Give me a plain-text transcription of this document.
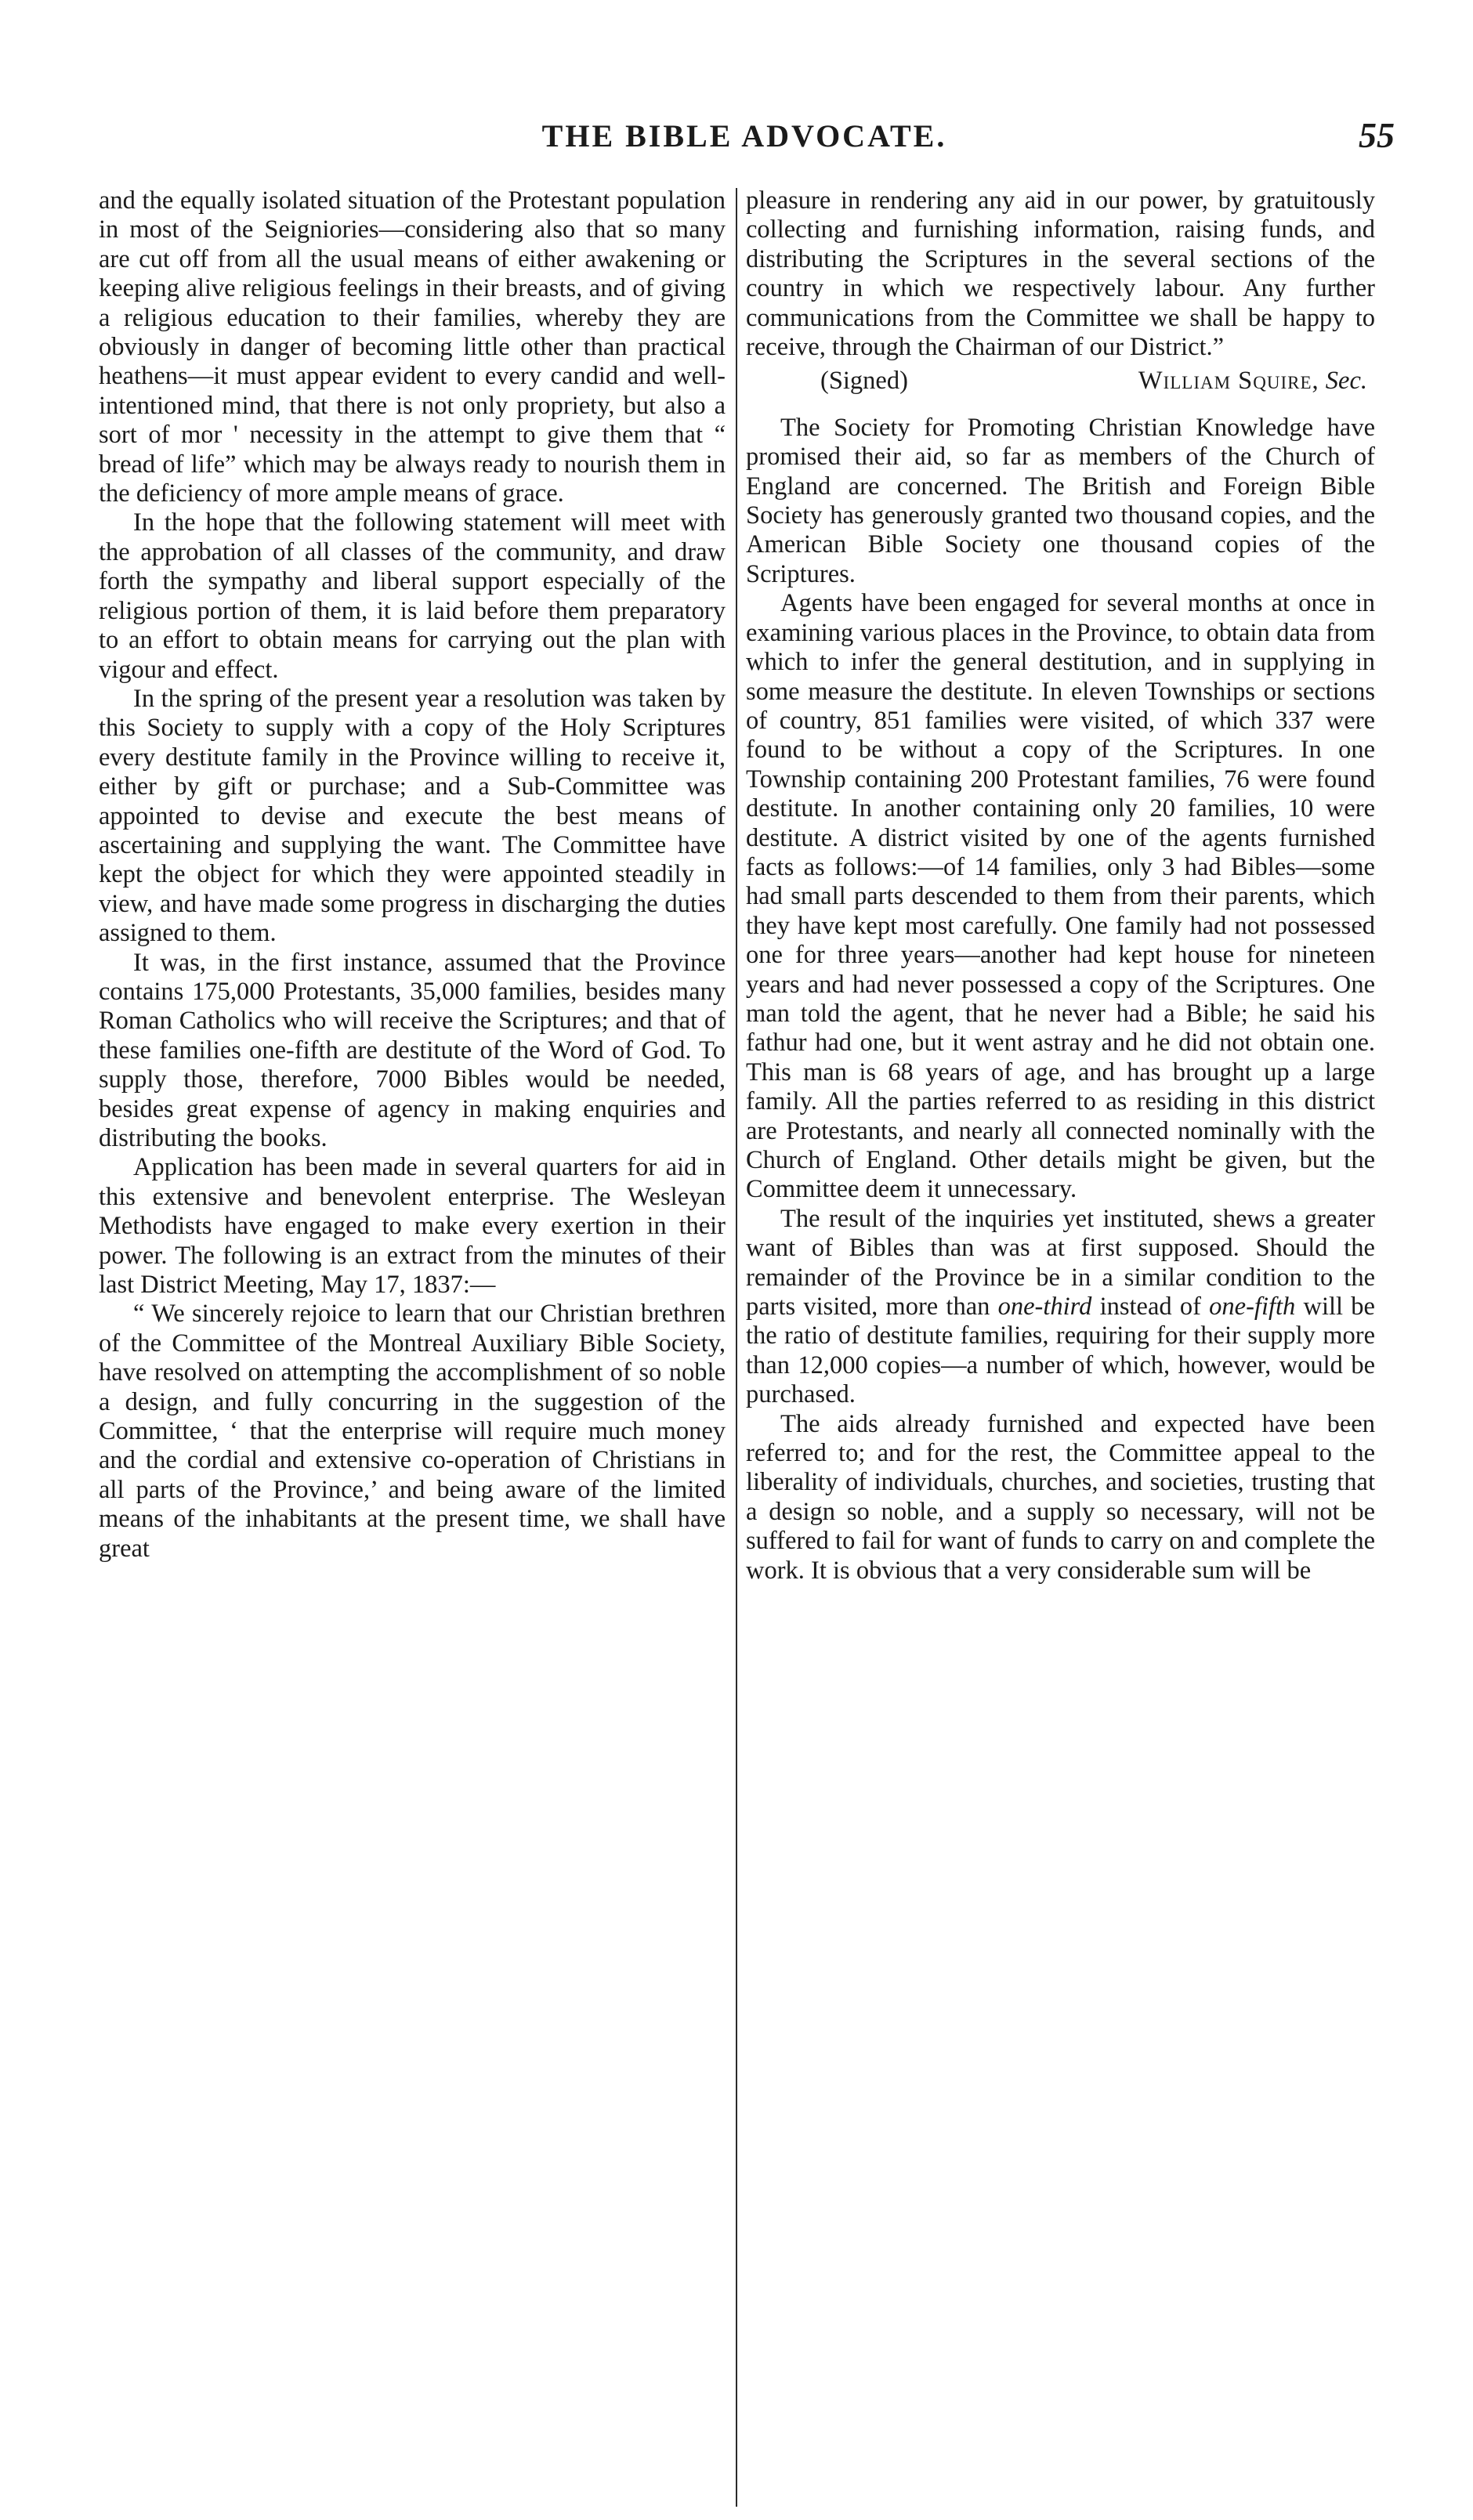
THE BIBLE ADVOCATE.	55

and the equally isolated situation of the Protestant population in most of the Seigniories—considering also that so many are cut off from all the usual means of either awakening or keeping alive religious feelings in their breasts, and of giving a religious education to their families, whereby they are obviously in danger of becoming little other than practical heathens—it must appear evident to every candid and well-intentioned mind, that there is not only propriety, but also a sort of mor ' necessity in the attempt to give them that “ bread of life” which may be always ready to nourish them in the deficiency of more ample means of grace.

In the hope that the following statement will meet with the approbation of all classes of the community, and draw forth the sympathy and liberal support especially of the religious portion of them, it is laid before them preparatory to an effort to obtain means for carrying out the plan with vigour and effect.

In the spring of the present year a resolution was taken by this Society to supply with a copy of the Holy Scriptures every destitute family in the Province willing to receive it, either by gift or purchase; and a Sub-Committee was appointed to devise and execute the best means of ascertaining and supplying the want. The Committee have kept the object for which they were appointed steadily in view, and have made some progress in discharging the duties assigned to them.

It was, in the first instance, assumed that the Province contains 175,000 Protestants, 35,000 families, besides many Roman Catholics who will receive the Scriptures; and that of these families one-fifth are destitute of the Word of God. To supply those, therefore, 7000 Bibles would be needed, besides great expense of agency in making enquiries and distributing the books.

Application has been made in several quarters for aid in this extensive and benevolent enterprise. The Wesleyan Methodists have engaged to make every exertion in their power. The following is an extract from the minutes of their last District Meeting, May 17, 1837:—

“ We sincerely rejoice to learn that our Christian brethren of the Committee of the Montreal Auxiliary Bible Society, have resolved on attempting the accomplishment of so noble a design, and fully concurring in the suggestion of the Committee, ‘ that the enterprise will require much money and the cordial and extensive co-operation of Christians in all parts of the Province,’ and being aware of the limited means of the inhabitants at the present time, we shall have great

pleasure in rendering any aid in our power, by gratuitously collecting and furnishing information, raising funds, and distributing the Scriptures in the several sections of the country in which we respectively labour. Any further communications from the Committee we shall be happy to receive, through the Chairman of our District.”

(Signed)	William Squire, Sec.

The Society for Promoting Christian Knowledge have promised their aid, so far as members of the Church of England are concerned. The British and Foreign Bible Society has generously granted two thousand copies, and the American Bible Society one thousand copies of the Scriptures.

Agents have been engaged for several months at once in examining various places in the Province, to obtain data from which to infer the general destitution, and in supplying in some measure the destitute. In eleven Townships or sections of country, 851 families were visited, of which 337 were found to be without a copy of the Scriptures. In one Township containing 200 Protestant families, 76 were found destitute. In another containing only 20 families, 10 were destitute. A district visited by one of the agents furnished facts as follows:—of 14 families, only 3 had Bibles—some had small parts descended to them from their parents, which they have kept most carefully. One family had not possessed one for three years—another had kept house for nineteen years and had never possessed a copy of the Scriptures. One man told the agent, that he never had a Bible; he said his fathur had one, but it went astray and he did not obtain one. This man is 68 years of age, and has brought up a large family. All the parties referred to as residing in this district are Protestants, and nearly all connected nominally with the Church of England. Other details might be given, but the Committee deem it unnecessary.

The result of the inquiries yet instituted, shews a greater want of Bibles than was at first supposed. Should the remainder of the Province be in a similar condition to the parts visited, more than one-third instead of one-fifth will be the ratio of destitute families, requiring for their supply more than 12,000 copies—a number of which, however, would be purchased.

The aids already furnished and expected have been referred to; and for the rest, the Committee appeal to the liberality of individuals, churches, and societies, trusting that a design so noble, and a supply so necessary, will not be suffered to fail for want of funds to carry on and complete the work. It is obvious that a very considerable sum will be
